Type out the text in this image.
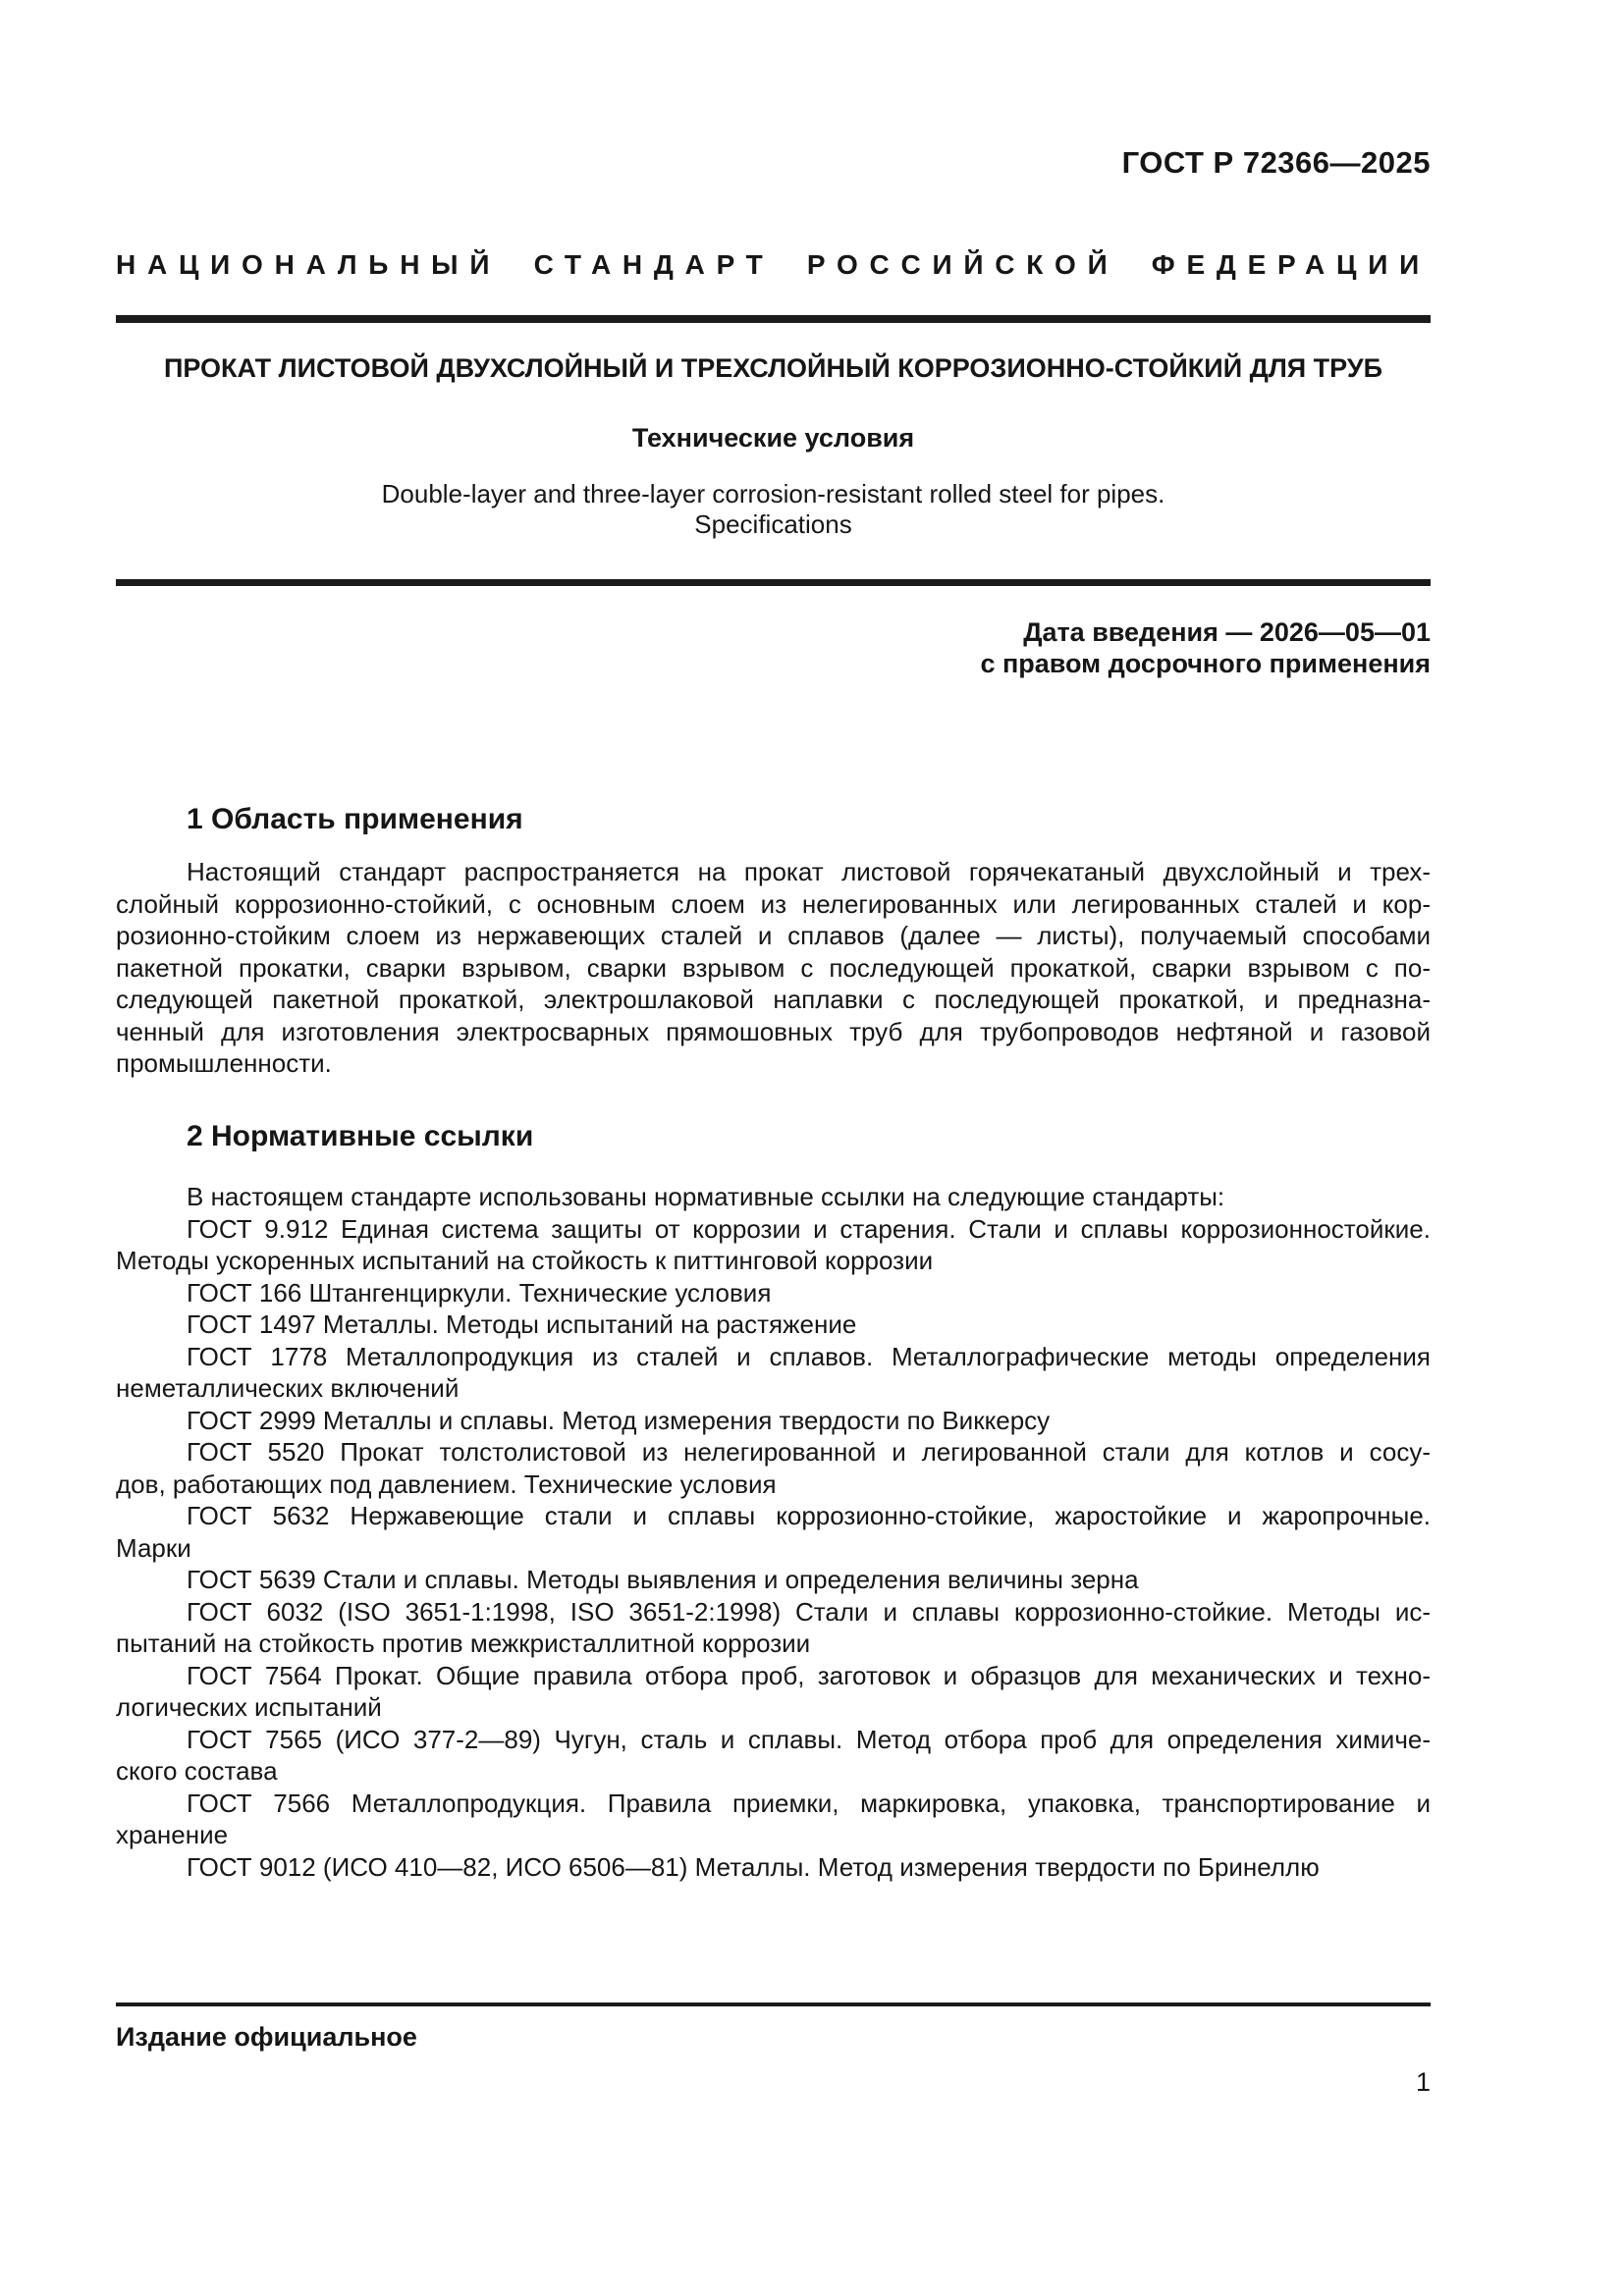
ГОСТ Р 72366—2025
НАЦИОНАЛЬНЫЙ СТАНДАРТ РОССИЙСКОЙ ФЕДЕРАЦИИ
ПРОКАТ ЛИСТОВОЙ ДВУХСЛОЙНЫЙ И ТРЕХСЛОЙНЫЙ КОРРОЗИОННО-СТОЙКИЙ ДЛЯ ТРУБ
Технические условия
Double-layer and three-layer corrosion-resistant rolled steel for pipes.
Specifications
Дата введения — 2026—05—01
с правом досрочного применения
1 Область применения
Настоящий стандарт распространяется на прокат листовой горячекатаный двухслойный и трех-
слойный коррозионно-стойкий, с основным слоем из нелегированных или легированных сталей и кор-
розионно-стойким слоем из нержавеющих сталей и сплавов (далее — листы), получаемый способами
пакетной прокатки, сварки взрывом, сварки взрывом с последующей прокаткой, сварки взрывом с по-
следующей пакетной прокаткой, электрошлаковой наплавки с последующей прокаткой, и предназна-
ченный для изготовления электросварных прямошовных труб для трубопроводов нефтяной и газовой
промышленности.
2 Нормативные ссылки
В настоящем стандарте использованы нормативные ссылки на следующие стандарты:
ГОСТ 9.912 Единая система защиты от коррозии и старения. Стали и сплавы коррозионностойкие.
Методы ускоренных испытаний на стойкость к питтинговой коррозии
ГОСТ 166 Штангенциркули. Технические условия
ГОСТ 1497 Металлы. Методы испытаний на растяжение
ГОСТ 1778 Металлопродукция из сталей и сплавов. Металлографические методы определения
неметаллических включений
ГОСТ 2999 Металлы и сплавы. Метод измерения твердости по Виккерсу
ГОСТ 5520 Прокат толстолистовой из нелегированной и легированной стали для котлов и сосу-
дов, работающих под давлением. Технические условия
ГОСТ 5632 Нержавеющие стали и сплавы коррозионно-стойкие, жаростойкие и жаропрочные.
Марки
ГОСТ 5639 Стали и сплавы. Методы выявления и определения величины зерна
ГОСТ 6032 (ISO 3651-1:1998, ISO 3651-2:1998) Стали и сплавы коррозионно-стойкие. Методы ис-
пытаний на стойкость против межкристаллитной коррозии
ГОСТ 7564 Прокат. Общие правила отбора проб, заготовок и образцов для механических и техно-
логических испытаний
ГОСТ 7565 (ИСО 377-2—89) Чугун, сталь и сплавы. Метод отбора проб для определения химиче-
ского состава
ГОСТ 7566 Металлопродукция. Правила приемки, маркировка, упаковка, транспортирование и
хранение
ГОСТ 9012 (ИСО 410—82, ИСО 6506—81) Металлы. Метод измерения твердости по Бринеллю
Издание официальное
1
